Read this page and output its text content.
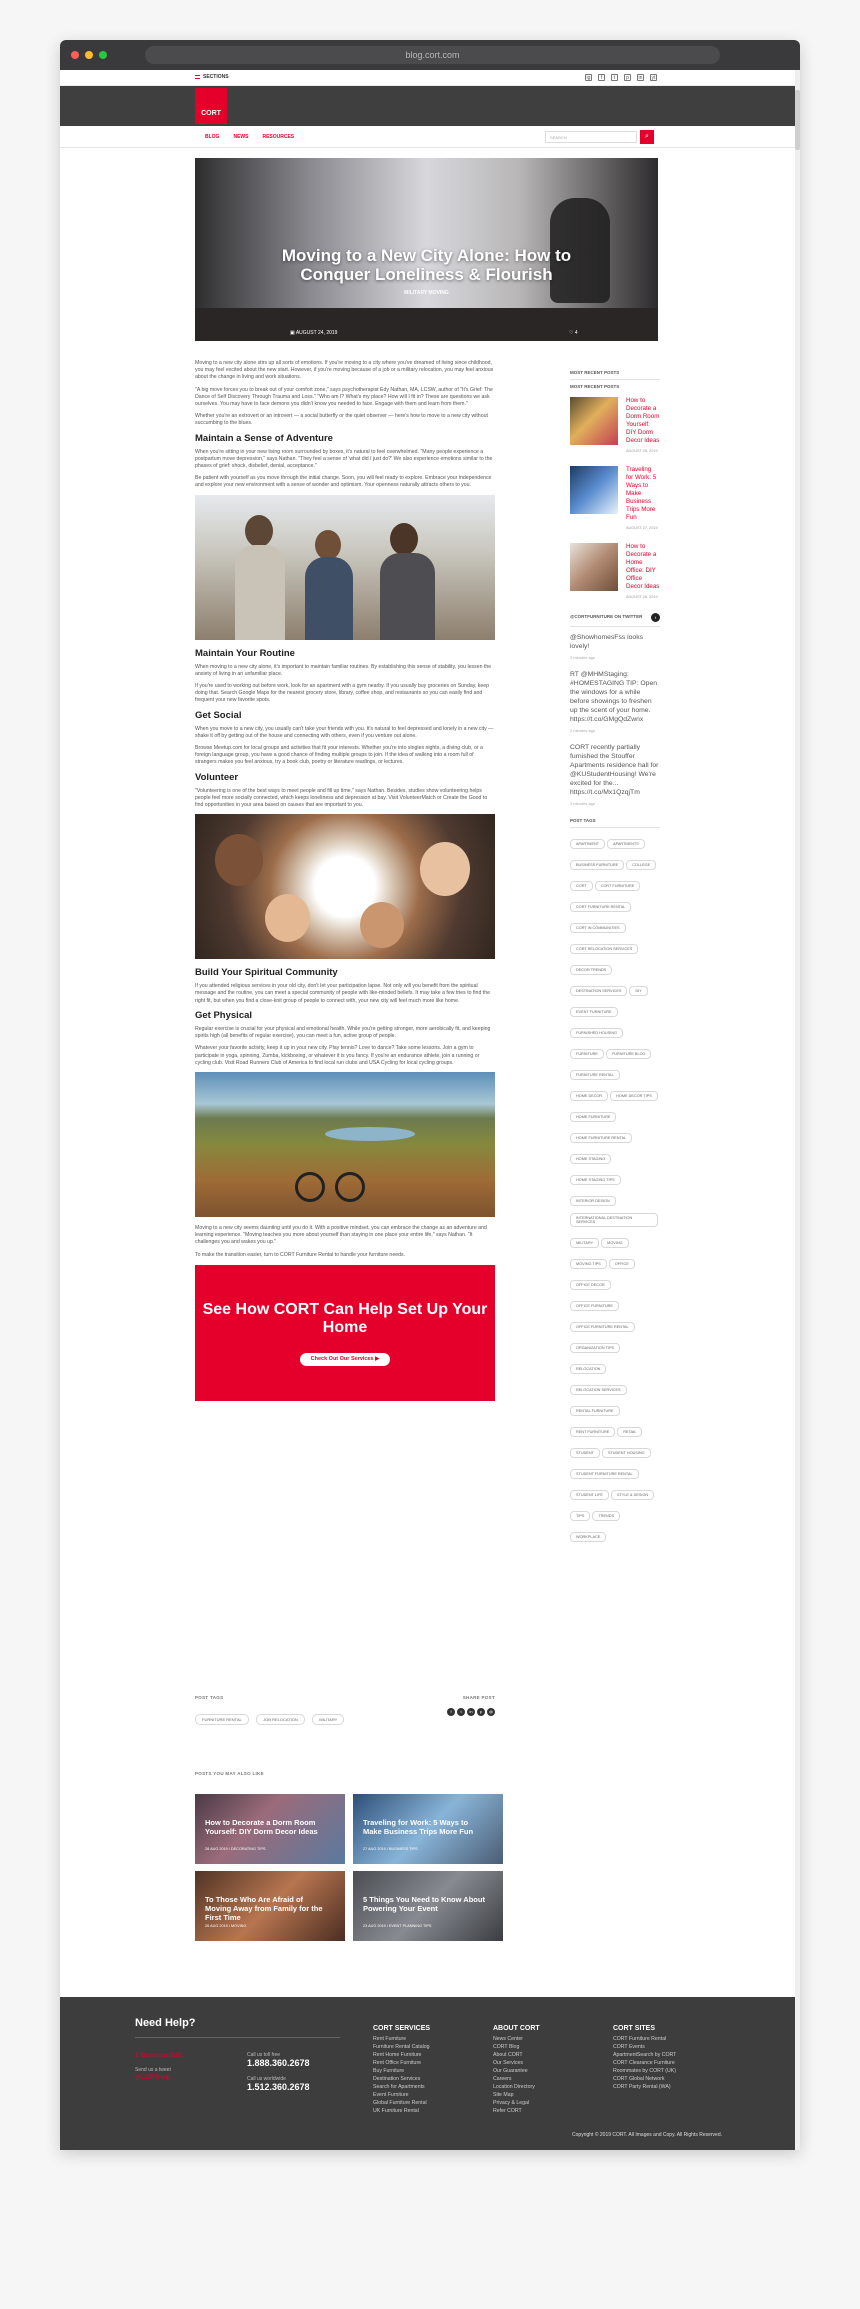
blog.cort.com
SECTIONS	ig	f	t	p	in	yt
CORT
BLOG	NEWS	RESOURCES	SEARCH	⌕
Moving to a New City Alone: How to Conquer Loneliness & Flourish
MILITARY MOVING
▣ AUGUST 24, 2019	♡ 4

Moving to a new city alone stirs up all sorts of emotions. If you're moving to a city where you've dreamed of living since childhood, you may feel excited about the new start. However, if you're moving because of a job or a military relocation, you may feel anxious about the change in living and work situations.

"A big move forces you to break out of your comfort zone," says psychotherapist Edy Nathan, MA, LCSW, author of "It's Grief: The Dance of Self Discovery Through Trauma and Loss." "Who am I? What's my place? How will I fit in? These are questions we ask ourselves. You may have to face demons you didn't know you needed to face. Engage with them and learn from them."

Whether you're an extrovert or an introvert — a social butterfly or the quiet observer — here's how to move to a new city without succumbing to the blues.

Maintain a Sense of Adventure

When you're sitting in your new living room surrounded by boxes, it's natural to feel overwhelmed. "Many people experience a postpartum move depression," says Nathan. "They feel a sense of 'what did I just do?' We also experience emotions similar to the phases of grief: shock, disbelief, denial, acceptance."

Be patient with yourself as you move through the initial change. Soon, you will feel ready to explore. Embrace your independence and explore your new environment with a sense of wonder and optimism. Your openness naturally attracts others to you.

Maintain Your Routine

When moving to a new city alone, it's important to maintain familiar routines. By establishing this sense of stability, you lessen the anxiety of living in an unfamiliar place.

If you're used to working out before work, look for an apartment with a gym nearby. If you usually buy groceries on Sunday, keep doing that. Search Google Maps for the nearest grocery store, library, coffee shop, and restaurants so you can easily find and frequent your new favorite spots.

Get Social

When you move to a new city, you usually can't take your friends with you. It's natural to feel depressed and lonely in a new city — shake it off by getting out of the house and connecting with others, even if you venture out alone.

Browse Meetup.com for local groups and activities that fit your interests. Whether you're into singles nights, a diving club, or a foreign language group, you have a good chance of finding multiple groups to join. If the idea of walking into a room full of strangers makes you feel anxious, try a book club, poetry or literature readings, or lectures.

Volunteer

"Volunteering is one of the best ways to meet people and fill up time," says Nathan. Besides, studies show volunteering helps people feel more socially connected, which keeps loneliness and depression at bay. Visit VolunteerMatch or Create the Good to find opportunities in your area based on causes that are important to you.

Build Your Spiritual Community

If you attended religious services in your old city, don't let your participation lapse. Not only will you benefit from the spiritual message and the routine, you can meet a special community of people with like-minded beliefs. It may take a few tries to find the right fit, but when you find a close-knit group of people to connect with, your new city will feel much more like home.

Get Physical

Regular exercise is crucial for your physical and emotional health. While you're getting stronger, more aerobically fit, and keeping spirits high (all benefits of regular exercise), you can meet a fun, active group of people.

Whatever your favorite activity, keep it up in your new city. Play tennis? Love to dance? Take some lessons. Join a gym to participate in yoga, spinning, Zumba, kickboxing, or whatever it is you fancy. If you're an endurance athlete, join a running or cycling club. Visit Road Runners Club of America to find local run clubs and USA Cycling for local cycling groups.

Moving to a new city seems daunting until you do it. With a positive mindset, you can embrace the change as an adventure and learning experience. "Moving teaches you more about yourself than staying in one place your entire life," says Nathan. "It challenges you and wakes you up."

To make the transition easier, turn to CORT Furniture Rental to handle your furniture needs.

See How CORT Can Help Set Up Your Home
Check Out Our Services ▶
POST TAGS
FURNITURE RENTAL	JOB RELOCATION	MILITARY
SHARE POST
f	t	in	p	@
POSTS YOU MAY ALSO LIKE
How to Decorate a Dorm Room Yourself: DIY Dorm Decor Ideas
28 AUG 2019 / DECORATING TIPS
Traveling for Work: 5 Ways to Make Business Trips More Fun
27 AUG 2019 / BUSINESS TIPS
To Those Who Are Afraid of Moving Away from Family for the First Time
26 AUG 2019 / MOVING
5 Things You Need to Know About Powering Your Event
23 AUG 2019 / EVENT PLANNING TIPS
MOST RECENT POSTS
MOST RECENT POSTS
How to Decorate a Dorm Room Yourself: DIY Dorm Decor Ideas
AUGUST 28, 2019
Traveling for Work: 5 Ways to Make Business Trips More Fun
AUGUST 27, 2019
How to Decorate a Home Office: DIY Office Decor Ideas
AUGUST 26, 2019
@CORTFURNITURE ON TWITTER	t
@ShowhomesFss looks lovely!
2 minutes ago
RT @MHMStaging: #HOMESTAGING TIP: Open the windows for a while before showings to freshen up the scent of your home. https://t.co/GMgQdZwnx
2 minutes ago
CORT recently partially furnished the Stouffer Apartments residence hall for @KUStudentHousing! We're excited for the... https://t.co/Mx1QzqjTm
2 minutes ago
POST TAGS
APARTMENT	APARTMENTSBUSINESS FURNITURE	COLLEGECORT	CORT FURNITURECORT FURNITURE RENTALCORT IN COMMUNITIESCORT RELOCATION SERVICESDECOR TRENDSDESTINATION SERVICES	DIYEVENT FURNITUREFURNISHED HOUSINGFURNITURE	FURNITURE BLOGFURNITURE RENTALHOME DECOR	HOME DECOR TIPSHOME FURNITUREHOME FURNITURE RENTALHOME STAGINGHOME STAGING TIPSINTERIOR DESIGNINTERNATIONAL DESTINATION SERVICESMILITARY	MOVINGMOVING TIPS	OFFICEOFFICE DECOROFFICE FURNITUREOFFICE FURNITURE RENTALORGANIZATION TIPSRELOCATIONRELOCATION SERVICESRENTAL FURNITURERENT FURNITURE	RETAILSTUDENT	STUDENT HOUSINGSTUDENT FURNITURE RENTALSTUDENT LIFE	STYLE & DESIGNTIPS	TRENDSWORKPLACE
Need Help?
1 Showroom(888)
Send us a tweet
@CORTHelp
Call us toll free
1.888.360.2678
Call us worldwide
1.512.360.2678
CORT SERVICES
Rent Furniture
Furniture Rental Catalog
Rent Home Furniture
Rent Office Furniture
Buy Furniture
Destination Services
Search for Apartments
Event Furniture
Global Furniture Rental
UK Furniture Rental
ABOUT CORT
News Center
CORT Blog
About CORT
Our Services
Our Guarantee
Careers
Location Directory
Site Map
Privacy & Legal
Refer CORT
CORT SITES
CORT Furniture Rental
CORT Events
ApartmentSearch by CORT
CORT Clearance Furniture
Roommates by CORT (UK)
CORT Global Network
CORT Party Rental (WA)
Copyright © 2019 CORT. All Images and Copy. All Rights Reserved.
